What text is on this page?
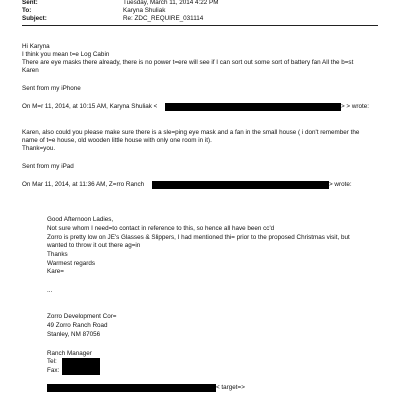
Sent:	Tuesday, March 11, 2014 4:22 PM
To:	Karyna Shuliak
Subject:	Re: ZDC_REQUIRE_031114
Hi Karyna
I think you mean t=e Log Cabin
There are eye masks there already, there is no power t=ere will see if I can sort out some sort of battery fan All the b=st
Karen
Sent from my iPhone
On M=r 11, 2014, at 10:15 AM, Karyna Shuliak <	> > wrote:
Karen, also could you please make sure there is a sle=ping eye mask and a fan in the small house ( i don't remember the
name of t=e house, old wooden little house with only one room in it).
Thank=you.
Sent from my iPad
On Mar 11, 2014, at 11:36 AM, Z=rro Ranch	> wrote:
Good Afternoon Ladies,
Not sure whom I need=to contact in reference to this, so hence all have been cc'd
Zorro is pretty low on JE's Glasses & Slippers, I had mentioned thi= prior to the proposed Christmas visit, but
wanted to throw it out there ag=in
Thanks
Warmest regards
Kare=
...
Zorro Development Cor=
49 Zorro Ranch Road
Stanley, NM 87056
Ranch Manager
Tel:
Fax:
< target=>
